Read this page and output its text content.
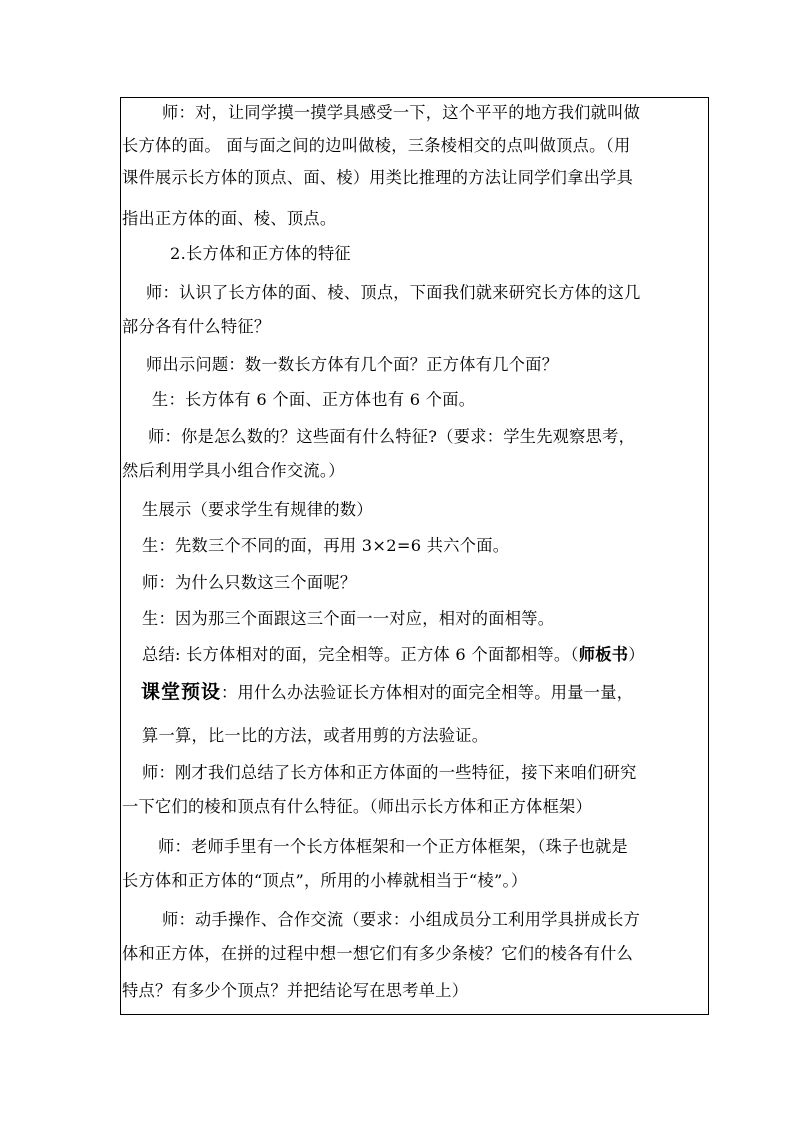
师：对，让同学摸一摸学具感受一下，这个平平的地方我们就叫做
长方体的面。 面与面之间的边叫做棱，三条棱相交的点叫做顶点。（用
课件展示长方体的顶点、面、棱）用类比推理的方法让同学们拿出学具
指出正方体的面、棱、顶点。
2.长方体和正方体的特征
师：认识了长方体的面、棱、顶点，下面我们就来研究长方体的这几
部分各有什么特征？
师出示问题：数一数长方体有几个面？正方体有几个面？
生：长方体有 6 个面、正方体也有 6 个面。
师：你是怎么数的？这些面有什么特征?（要求：学生先观察思考，
然后利用学具小组合作交流。）
生展示（要求学生有规律的数）
生：先数三个不同的面，再用 3×2=6 共六个面。
师：为什么只数这三个面呢？
生：因为那三个面跟这三个面一一对应，相对的面相等。
总结: 长方体相对的面，完全相等。正方体 6 个面都相等。（师板书）
课堂预设：用什么办法验证长方体相对的面完全相等。用量一量，
算一算，比一比的方法，或者用剪的方法验证。
师：刚才我们总结了长方体和正方体面的一些特征，接下来咱们研究
一下它们的棱和顶点有什么特征。（师出示长方体和正方体框架）
师：老师手里有一个长方体框架和一个正方体框架，（珠子也就是
长方体和正方体的“顶点”，所用的小棒就相当于“棱”。）
师：动手操作、合作交流（要求：小组成员分工利用学具拼成长方
体和正方体，在拼的过程中想一想它们有多少条棱？它们的棱各有什么
特点？有多少个顶点？并把结论写在思考单上）
